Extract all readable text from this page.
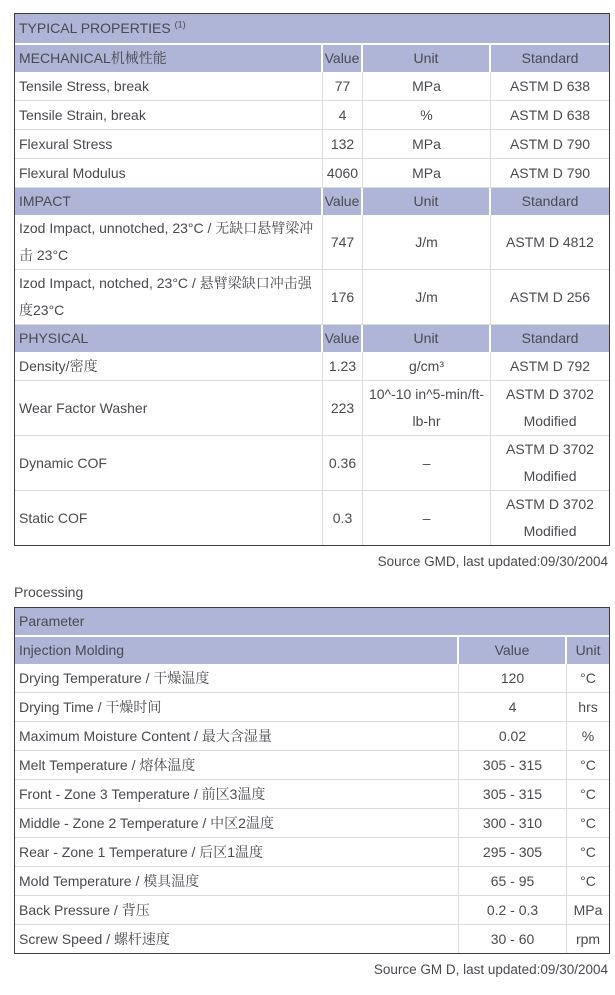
TYPICAL PROPERTIES $^{(1)}$
MECHANICAL机械性能	Value	Unit	Standard
Tensile Stress, break	77	MPa	ASTM D 638
Tensile Strain, break	4	%	ASTM D 638
Flexural Stress	132	MPa	ASTM D 790
Flexural Modulus	4060	MPa	ASTM D 790
IMPACT	Value	Unit	Standard
Izod Impact, unnotched, 23°C / 无缺口悬臂梁冲击 23°C	747	J/m	ASTM D 4812
Izod Impact, notched, 23°C / 悬臂梁缺口冲击强度23°C	176	J/m	ASTM D 256
PHYSICAL	Value	Unit	Standard
Density/密度	1.23	g/cm³	ASTM D 792
Wear Factor Washer	223	10^-10 in^5-min/ft-lb-hr	ASTM D 3702 Modified
Dynamic COF	0.36	–	ASTM D 3702 Modified
Static COF	0.3	–	ASTM D 3702 Modified
Source GMD, last updated:09/30/2004
Processing
Parameter		
Injection Molding	Value	Unit
Drying Temperature / 干燥温度	120	°C
Drying Time / 干燥时间	4	hrs
Maximum Moisture Content / 最大含湿量	0.02	%
Melt Temperature / 熔体温度	305 - 315	°C
Front - Zone 3 Temperature / 前区3温度	305 - 315	°C
Middle - Zone 2 Temperature / 中区2温度	300 - 310	°C
Rear - Zone 1 Temperature / 后区1温度	295 - 305	°C
Mold Temperature / 模具温度	65 - 95	°C
Back Pressure / 背压	0.2 - 0.3	MPa
Screw Speed / 螺杆速度	30 - 60	rpm
Source GM D, last updated:09/30/2004
